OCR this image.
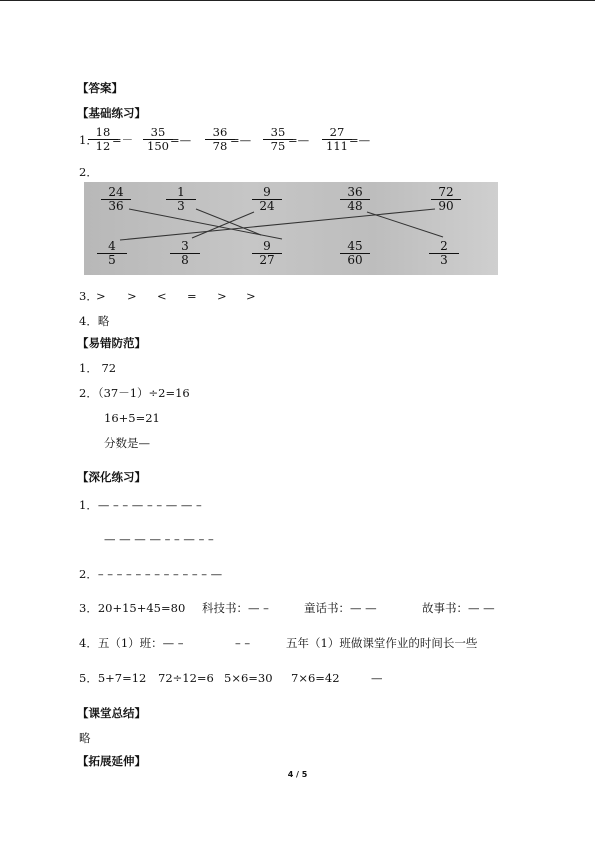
【答案】
【基础练习】
1．
$\frac{18}{12}$
=－ $\frac{35}{150}$
=— $\frac{36}{78}$
=— $\frac{35}{75}$
=— $\frac{27}{111}$
=—
2．
$\frac{24}{36}$	$\frac{1}{3}$	$\frac{9}{24}$	$\frac{36}{48}$	$\frac{72}{90}$
$\frac{4}{5}$	$\frac{3}{8}$	$\frac{9}{27}$	$\frac{45}{60}$	$\frac{2}{3}$
3．
> > < = > >
4．略
【易错防范】
1． 72
2．（37－1）÷2=16
16+5=21
分数是—
【深化练习】
1．— – – — – – — — –
— — — — – – — – –
2．– – – – – – – – – – – – —
3．20+15+45=80 科技书：— –	童话书：— —	故事书：— —
4．五（1）班：— –	– –	五年（1）班做课堂作业的时间长一些
5．5+7=12 72÷12=6 5×6=30 7×6=42	—
【课堂总结】
略
【拓展延伸】
4 / 5
